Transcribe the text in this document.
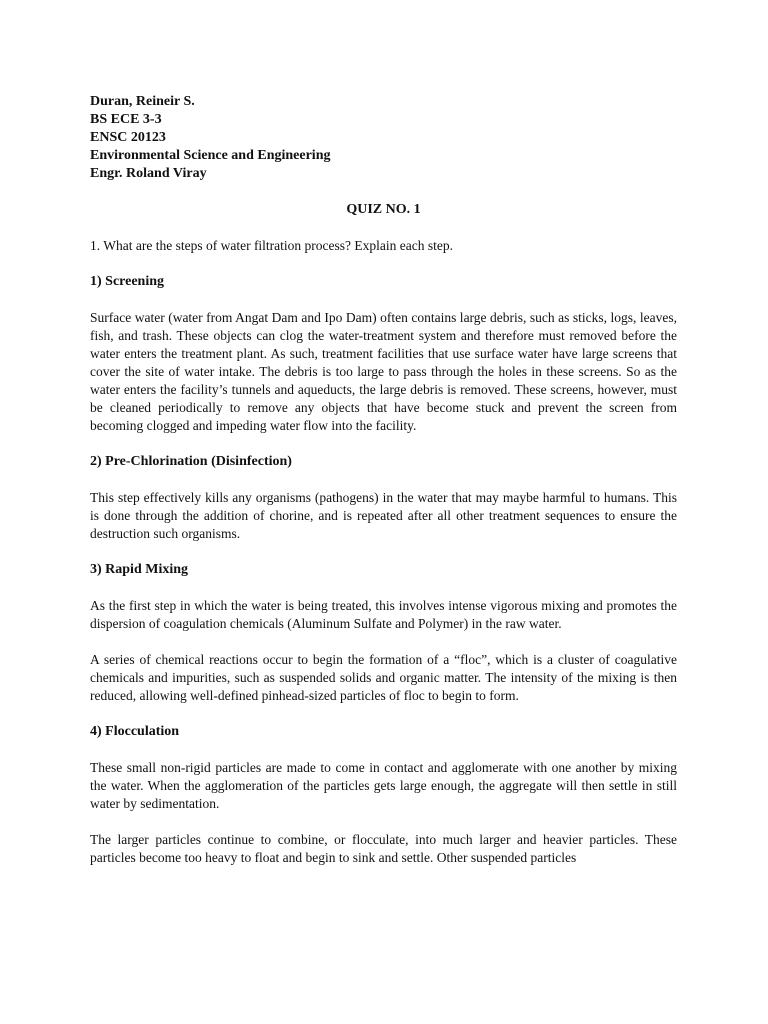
Duran, Reineir S.
BS ECE 3-3
ENSC 20123
Environmental Science and Engineering
Engr. Roland Viray
QUIZ NO. 1
1. What are the steps of water filtration process? Explain each step.
1) Screening

Surface water (water from Angat Dam and Ipo Dam) often contains large debris, such as sticks, logs, leaves, fish, and trash. These objects can clog the water-treatment system and therefore must removed before the water enters the treatment plant. As such, treatment facilities that use surface water have large screens that cover the site of water intake. The debris is too large to pass through the holes in these screens. So as the water enters the facility’s tunnels and aqueducts, the large debris is removed. These screens, however, must be cleaned periodically to remove any objects that have become stuck and prevent the screen from becoming clogged and impeding water flow into the facility.

2) Pre-Chlorination (Disinfection)

This step effectively kills any organisms (pathogens) in the water that may maybe harmful to humans. This is done through the addition of chorine, and is repeated after all other treatment sequences to ensure the destruction such organisms.

3) Rapid Mixing

As the first step in which the water is being treated, this involves intense vigorous mixing and promotes the dispersion of coagulation chemicals (Aluminum Sulfate and Polymer) in the raw water.

A series of chemical reactions occur to begin the formation of a “floc”, which is a cluster of coagulative chemicals and impurities, such as suspended solids and organic matter. The intensity of the mixing is then reduced, allowing well-defined pinhead-sized particles of floc to begin to form.

4) Flocculation

These small non-rigid particles are made to come in contact and agglomerate with one another by mixing the water. When the agglomeration of the particles gets large enough, the aggregate will then settle in still water by sedimentation.

The larger particles continue to combine, or flocculate, into much larger and heavier particles. These particles become too heavy to float and begin to sink and settle. Other suspended particles
